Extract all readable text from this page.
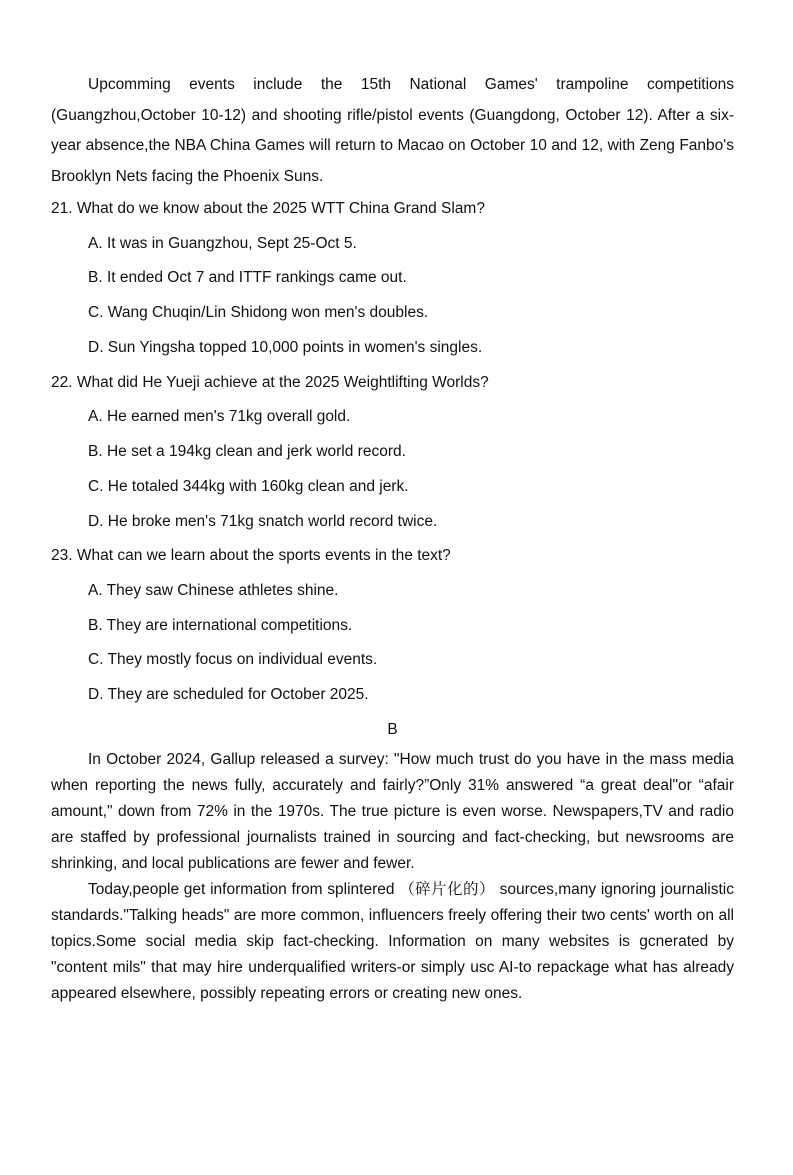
Upcomming events include the 15th National Games' trampoline competitions (Guangzhou,October 10-12) and shooting rifle/pistol events (Guangdong, October 12). After a six-year absence,the NBA China Games will return to Macao on October 10 and 12, with Zeng Fanbo's Brooklyn Nets facing the Phoenix Suns.

21. What do we know about the 2025 WTT China Grand Slam?

A. It was in Guangzhou, Sept 25-Oct 5.

B. It ended Oct 7 and ITTF rankings came out.

C. Wang Chuqin/Lin Shidong won men's doubles.

D. Sun Yingsha topped 10,000 points in women's singles.

22. What did He Yueji achieve at the 2025 Weightlifting Worlds?

A. He earned men's 71kg overall gold.

B. He set a 194kg clean and jerk world record.

C. He totaled 344kg with 160kg clean and jerk.

D. He broke men's 71kg snatch world record twice.

23. What can we learn about the sports events in the text?

A. They saw Chinese athletes shine.

B. They are international competitions.

C. They mostly focus on individual events.

D. They are scheduled for October 2025.

B

In October 2024, Gallup released a survey: "How much trust do you have in the mass media when reporting the news fully, accurately and fairly?”Only 31% answered “a great deal"or “afair amount," down from 72% in the 1970s. The true picture is even worse. Newspapers,TV and radio are staffed by professional journalists trained in sourcing and fact-checking, but newsrooms are shrinking, and local publications are fewer and fewer.

Today,people get information from splintered （碎片化的） sources,many ignoring journalistic standards."Talking heads" are more common, influencers freely offering their two cents' worth on all topics.Some social media skip fact-checking. Information on many websites is gcnerated by "content mils" that may hire underqualified writers-or simply usc AI-to repackage what has already appeared elsewhere, possibly repeating errors or creating new ones.
